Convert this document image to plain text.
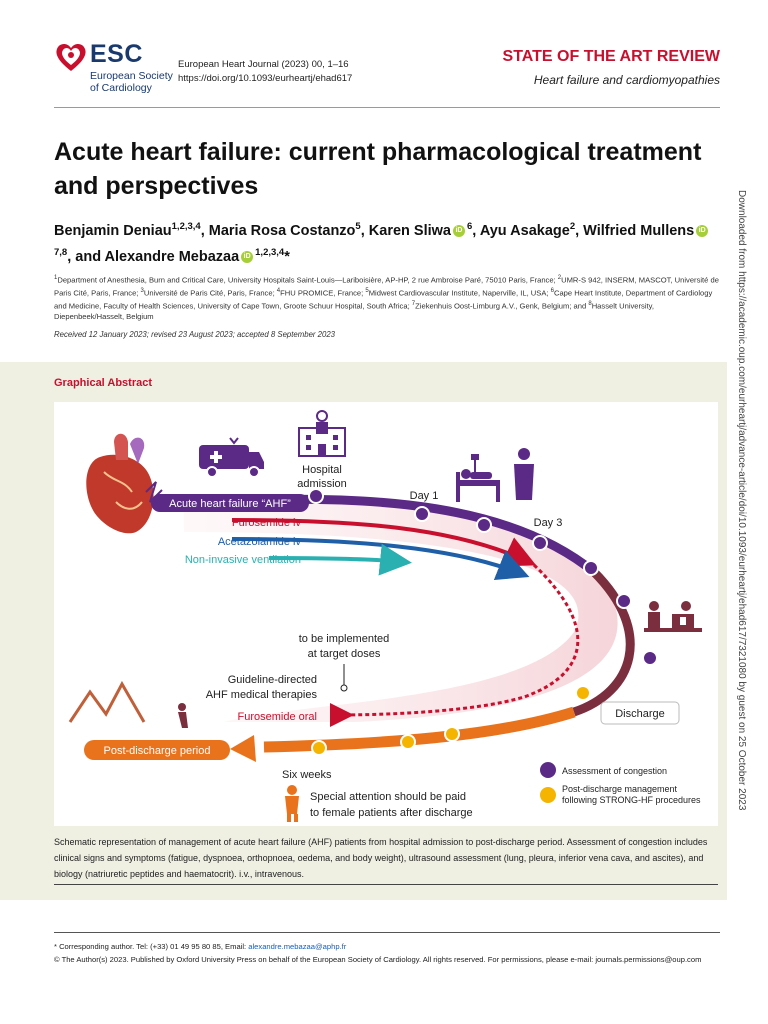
ESC
European Society
of Cardiology
European Heart Journal (2023) 00, 1–16
https://doi.org/10.1093/eurheartj/ehad617
STATE OF THE ART REVIEW
Heart failure and cardiomyopathies
Acute heart failure: current pharmacological treatment and perspectives
Benjamin Deniau$^{1,2,3,4}$, Maria Rosa Costanzo$^5$, Karen Sliwa iD $^6$, Ayu Asakage$^2$, Wilfried Mullens iD$^{7,8}$, and Alexandre Mebazaa iD $^{1,2,3,4}$*
$^1$Department of Anesthesia, Burn and Critical Care, University Hospitals Saint-Louis—Lariboisière, AP-HP, 2 rue Ambroise Paré, 75010 Paris, France; $^2$UMR-S 942, INSERM, MASCOT, Université de Paris Cité, Paris, France; $^3$Université de Paris Cité, Paris, France; $^4$FHU PROMICE, France; $^5$Midwest Cardiovascular Institute, Naperville, IL, USA; $^6$Cape Heart Institute, Department of Cardiology and Medicine, Faculty of Health Sciences, University of Cape Town, Groote Schuur Hospital, South Africa; $^7$Ziekenhuis Oost-Limburg A.V., Genk, Belgium; and $^8$Hasselt University, Diepenbeek/Hasselt, Belgium
Received 12 January 2023; revised 23 August 2023; accepted 8 September 2023	Downloaded from https://academic.oup.com/eurheartj/advance-article/doi/10.1093/eurheartj/ehad617/7321080 by guest on 25 October 2023
Graphical Abstract
Hospital
admission
Acute heart failure “AHF”
Day 1
Day 3
Furosemide iv
Acetazolamide iv
Non-invasive ventilation
to be implemented
at target doses
Guideline-directed
AHF medical therapies
Furosemide oral
Post-discharge period
Discharge
Six weeks
Special attention should be paid
to female patients after discharge
Assessment of congestion
Post-discharge management
following STRONG-HF procedures
Schematic representation of management of acute heart failure (AHF) patients from hospital admission to post-discharge period. Assessment of congestion includes clinical signs and symptoms (fatigue, dyspnoea, orthopnoea, oedema, and body weight), ultrasound assessment (lung, pleura, inferior vena cava, and ascites), and biology (natriuretic peptides and haematocrit). i.v., intravenous.
* Corresponding author. Tel: (+33) 01 49 95 80 85, Email: alexandre.mebazaa@aphp.fr
© The Author(s) 2023. Published by Oxford University Press on behalf of the European Society of Cardiology. All rights reserved. For permissions, please e-mail: journals.permissions@oup.com
